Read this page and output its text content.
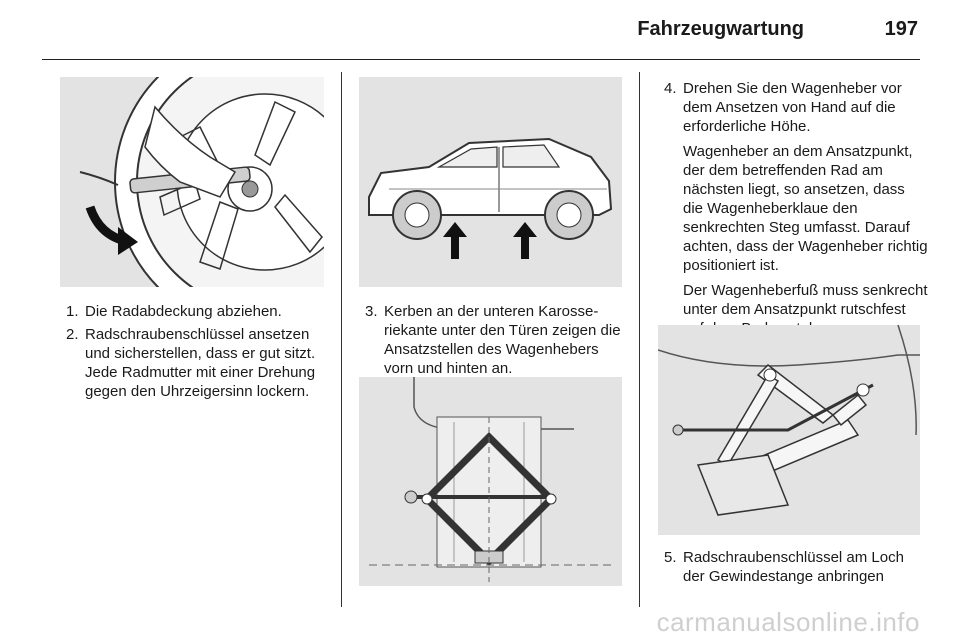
Fahrzeugwartung	197
1. Die Radabdeckung abziehen.
2. Radschraubenschlüssel ansetzen und sicherstellen, dass er gut sitzt. Jede Radmutter mit einer Drehung gegen den Uhrzeigersinn lockern.
3. Kerben an der unteren Karosseriekante unter den Türen zeigen die Ansatzstellen des Wagenhebers vorn und hinten an.
4. Drehen Sie den Wagenheber vor dem Ansetzen von Hand auf die erforderliche Höhe.

Wagenheber an dem Ansatzpunkt, der dem betreffenden Rad am nächsten liegt, so ansetzen, dass die Wagenheberklaue den senkrechten Steg umfasst. Darauf achten, dass der Wagenheber richtig positioniert ist.

Der Wagenheberfuß muss senkrecht unter dem Ansatzpunkt rutschfest

5. Radschraubenschlüssel am Loch der Gewindestange anbringen
carmanualsonline.info
